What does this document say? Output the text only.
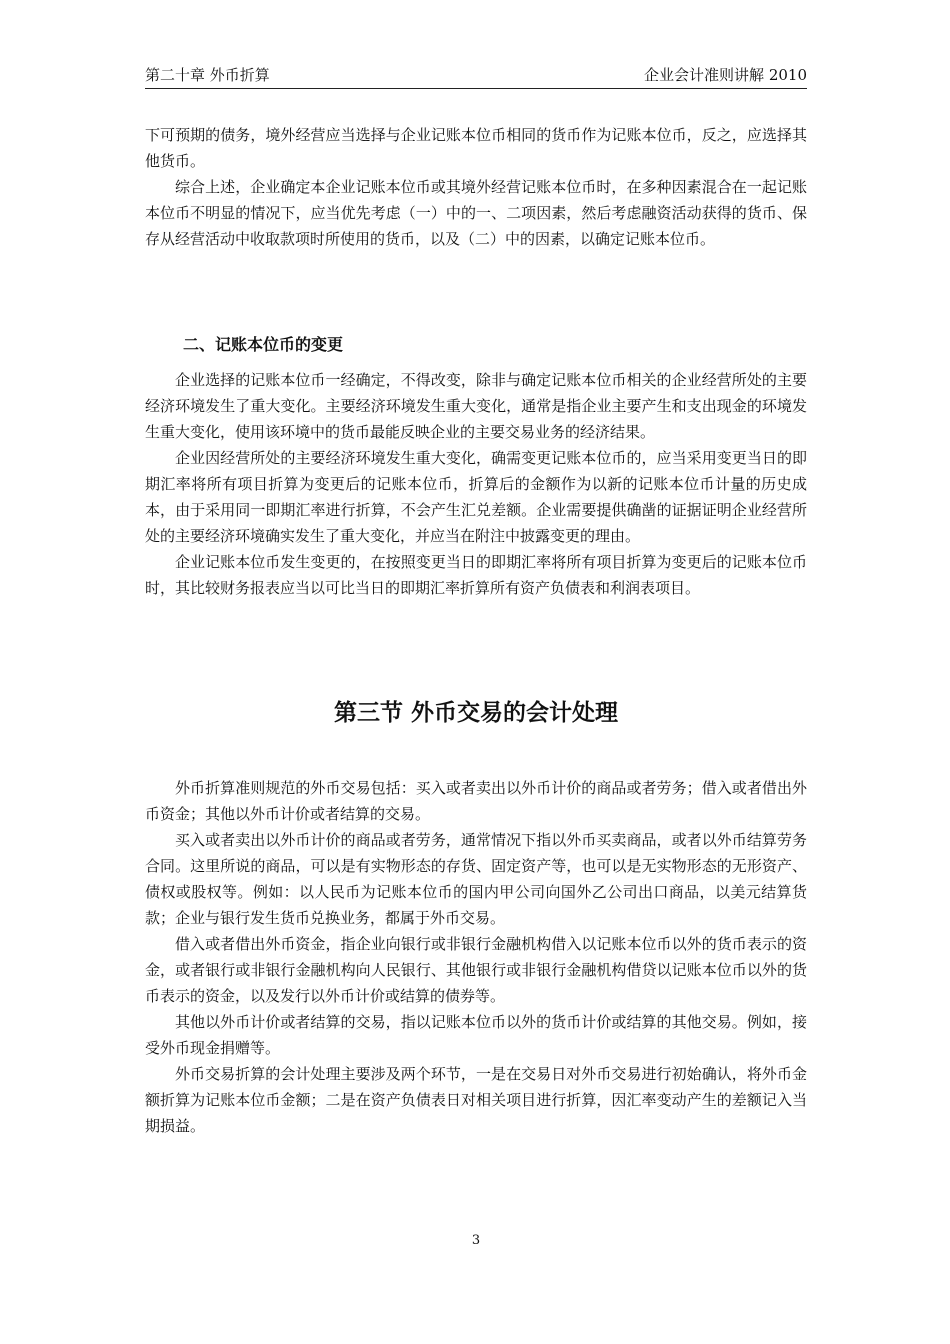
第二十章 外币折算	企业会计准则讲解 2010

下可预期的债务，境外经营应当选择与企业记账本位币相同的货币作为记账本位币，反之，应选择其他货币。

综合上述，企业确定本企业记账本位币或其境外经营记账本位币时，在多种因素混合在一起记账本位币不明显的情况下，应当优先考虑（一）中的一、二项因素，然后考虑融资活动获得的货币、保存从经营活动中收取款项时所使用的货币，以及（二）中的因素，以确定记账本位币。

二、记账本位币的变更

企业选择的记账本位币一经确定，不得改变，除非与确定记账本位币相关的企业经营所处的主要经济环境发生了重大变化。主要经济环境发生重大变化，通常是指企业主要产生和支出现金的环境发生重大变化，使用该环境中的货币最能反映企业的主要交易业务的经济结果。

企业因经营所处的主要经济环境发生重大变化，确需变更记账本位币的，应当采用变更当日的即期汇率将所有项目折算为变更后的记账本位币，折算后的金额作为以新的记账本位币计量的历史成本，由于采用同一即期汇率进行折算，不会产生汇兑差额。企业需要提供确凿的证据证明企业经营所处的主要经济环境确实发生了重大变化，并应当在附注中披露变更的理由。

企业记账本位币发生变更的，在按照变更当日的即期汇率将所有项目折算为变更后的记账本位币时，其比较财务报表应当以可比当日的即期汇率折算所有资产负债表和利润表项目。

第三节 外币交易的会计处理

外币折算准则规范的外币交易包括：买入或者卖出以外币计价的商品或者劳务；借入或者借出外币资金；其他以外币计价或者结算的交易。

买入或者卖出以外币计价的商品或者劳务，通常情况下指以外币买卖商品，或者以外币结算劳务合同。这里所说的商品，可以是有实物形态的存货、固定资产等，也可以是无实物形态的无形资产、债权或股权等。例如：以人民币为记账本位币的国内甲公司向国外乙公司出口商品，以美元结算货款；企业与银行发生货币兑换业务，都属于外币交易。

借入或者借出外币资金，指企业向银行或非银行金融机构借入以记账本位币以外的货币表示的资金，或者银行或非银行金融机构向人民银行、其他银行或非银行金融机构借贷以记账本位币以外的货币表示的资金，以及发行以外币计价或结算的债券等。

其他以外币计价或者结算的交易，指以记账本位币以外的货币计价或结算的其他交易。例如，接受外币现金捐赠等。

外币交易折算的会计处理主要涉及两个环节，一是在交易日对外币交易进行初始确认，将外币金额折算为记账本位币金额；二是在资产负债表日对相关项目进行折算，因汇率变动产生的差额记入当期损益。

3
